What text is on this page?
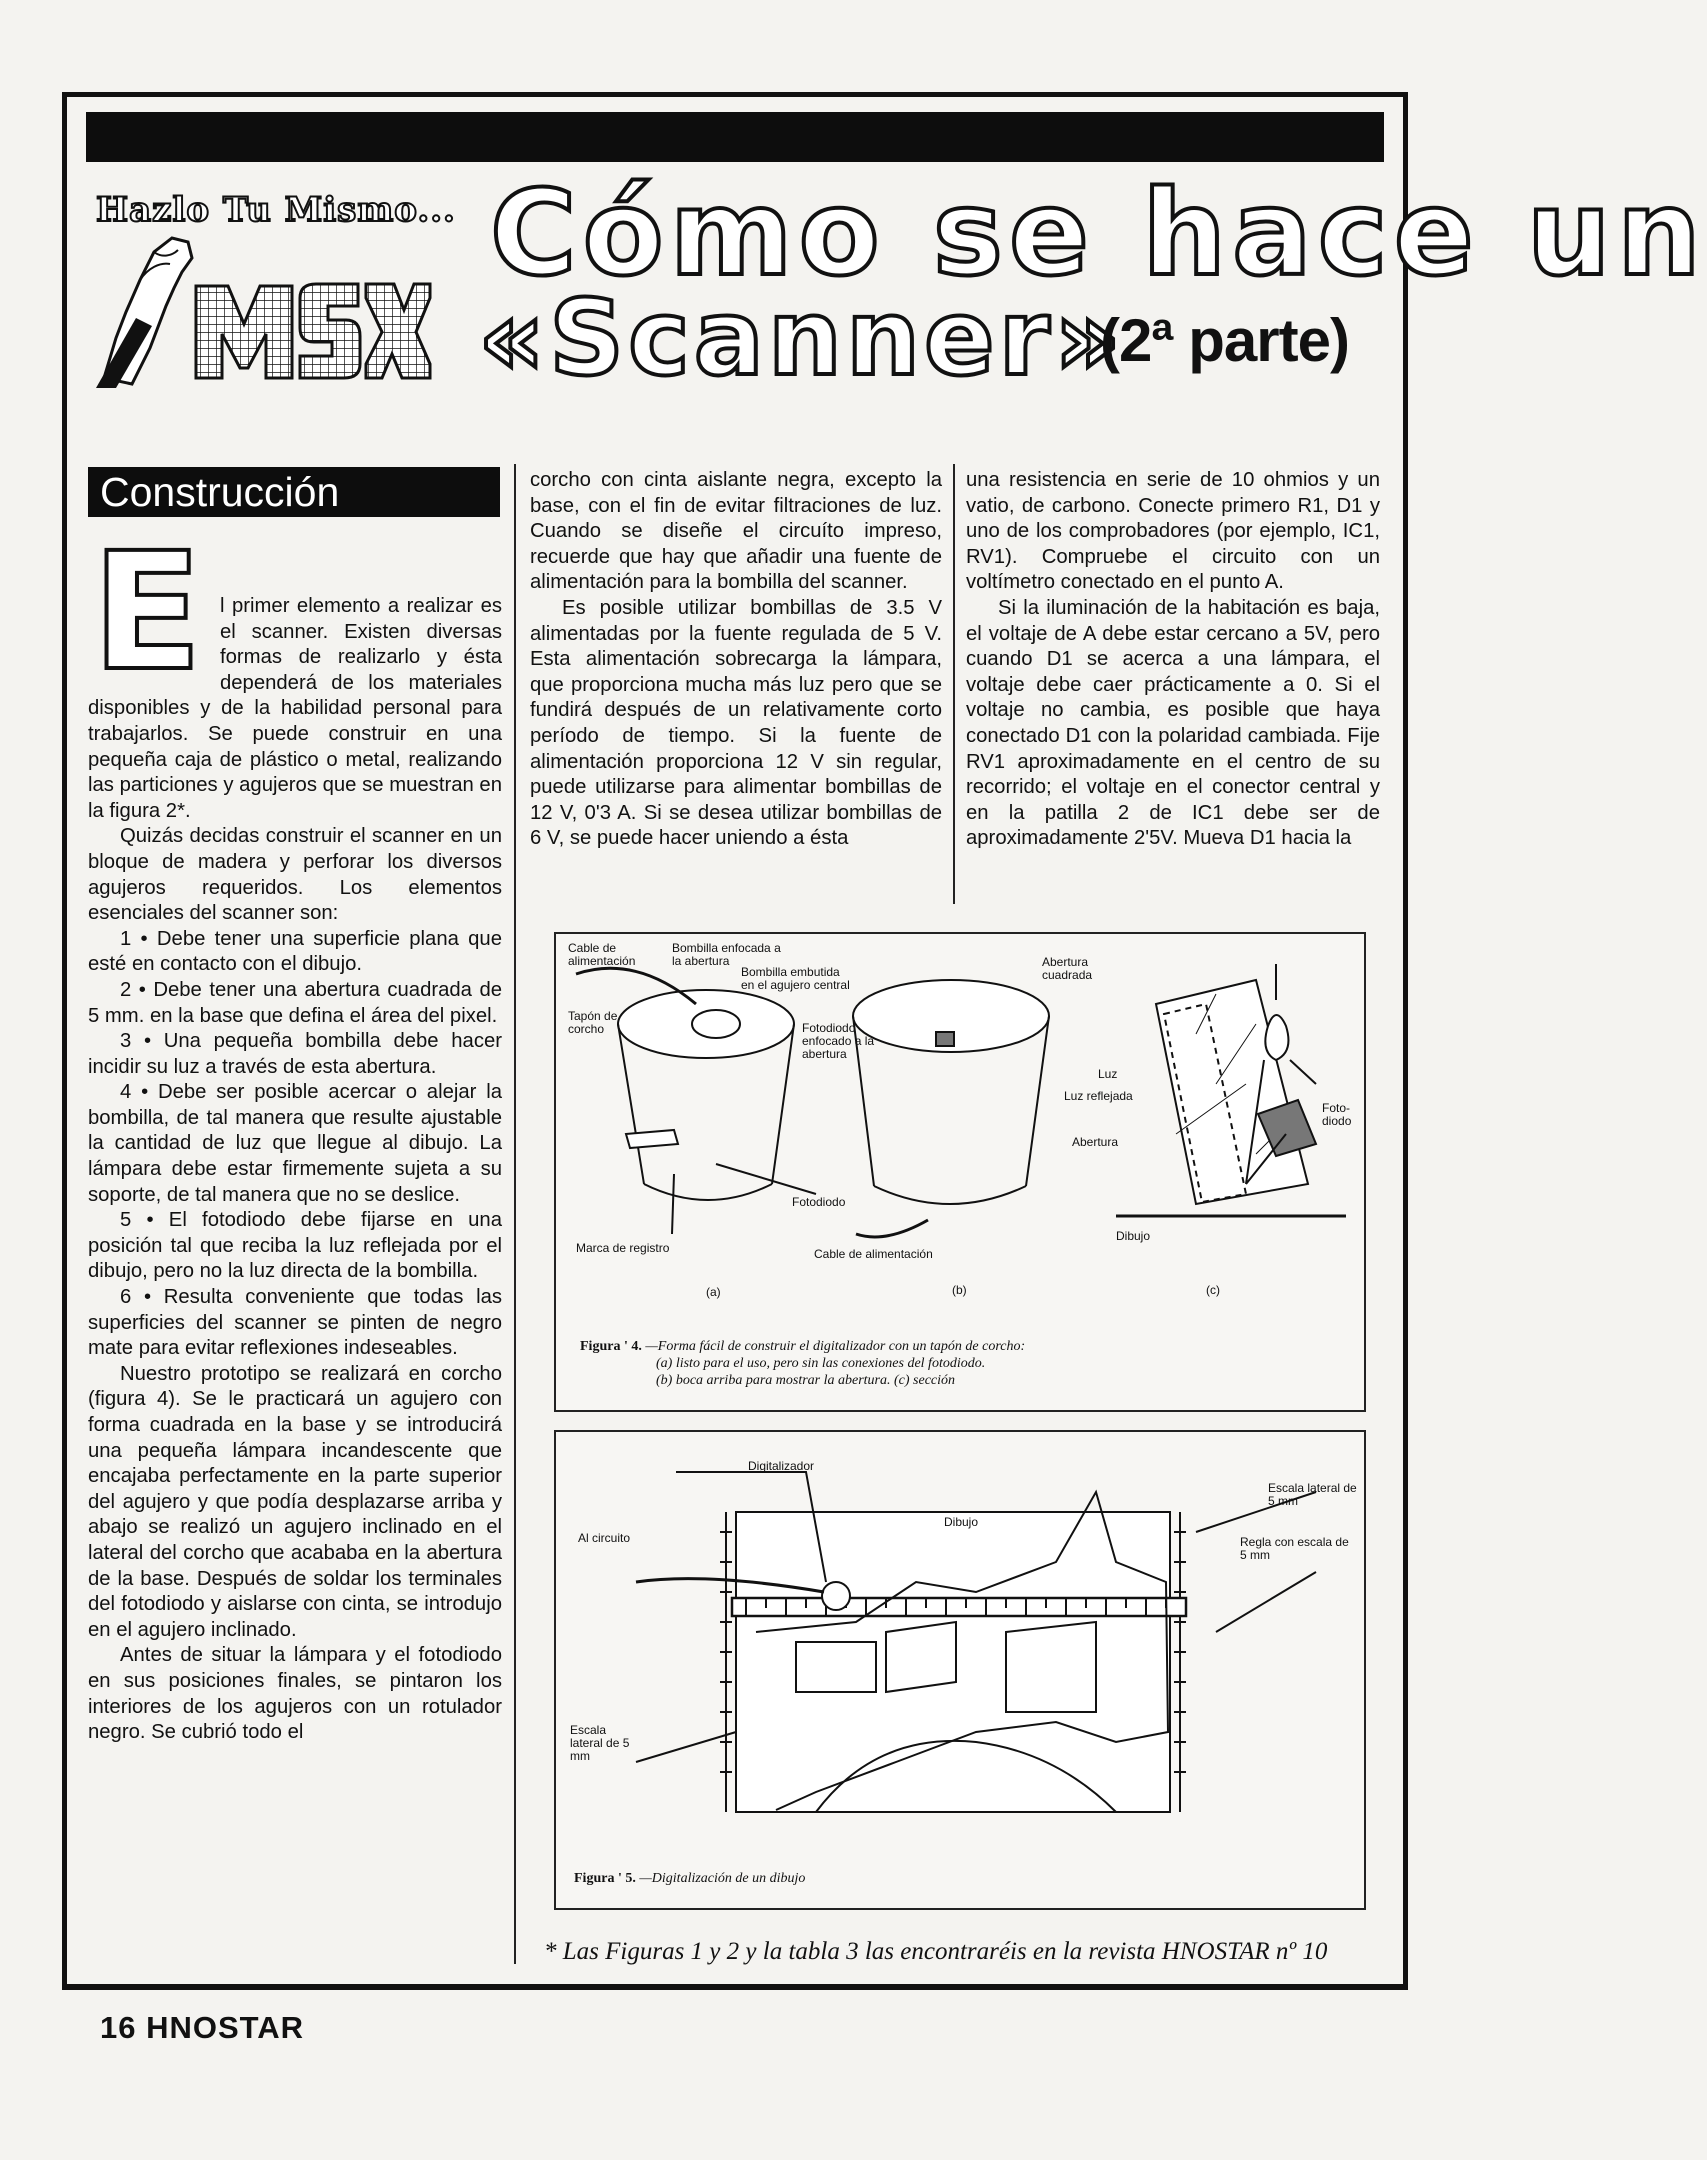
Hazlo Tu Mismo... Cómo se hace un
«Scanner»
(2ª parte)
Construcción

El primer elemento a realizar es el scanner. Existen diversas formas de realizarlo y ésta dependerá de los materiales disponibles y de la habilidad personal para trabajarlos. Se puede construir en una pequeña caja de plástico o metal, realizando las particiones y agujeros que se muestran en la figura 2*.

Quizás decidas construir el scanner en un bloque de madera y perforar los diversos agujeros requeridos. Los elementos esenciales del scanner son:

1 • Debe tener una superficie plana que esté en contacto con el dibujo.

2 • Debe tener una abertura cuadrada de 5 mm. en la base que defina el área del pixel.

3 • Una pequeña bombilla debe hacer incidir su luz a través de esta abertura.

4 • Debe ser posible acercar o alejar la bombilla, de tal manera que resulte ajustable la cantidad de luz que llegue al dibujo. La lámpara debe estar firmemente sujeta a su soporte, de tal manera que no se deslice.

5 • El fotodiodo debe fijarse en una posición tal que reciba la luz reflejada por el dibujo, pero no la luz directa de la bombilla.

6 • Resulta conveniente que todas las superficies del scanner se pinten de negro mate para evitar reflexiones indeseables.

Nuestro prototipo se realizará en corcho (figura 4). Se le practicará un agujero con forma cuadrada en la base y se introducirá una pequeña lámpara incandescente que encajaba perfectamente en la parte superior del agujero y que podía desplazarse arriba y abajo se realizó un agujero inclinado en el lateral del corcho que acababa en la abertura de la base. Después de soldar los terminales del fotodiodo y aislarse con cinta, se introdujo en el agujero inclinado.

Antes de situar la lámpara y el fotodiodo en sus posiciones finales, se pintaron los interiores de los agujeros con un rotulador negro. Se cubrió todo el

corcho con cinta aislante negra, excepto la base, con el fin de evitar filtraciones de luz. Cuando se diseñe el circuíto impreso, recuerde que hay que añadir una fuente de alimentación para la bombilla del scanner.

Es posible utilizar bombillas de 3.5 V alimentadas por la fuente regulada de 5 V. Esta alimentación sobrecarga la lámpara, que proporciona mucha más luz pero que se fundirá después de un relativamente corto período de tiempo. Si la fuente de alimentación proporciona 12 V sin regular, puede utilizarse para alimentar bombillas de 12 V, 0'3 A. Si se desea utilizar bombillas de 6 V, se puede hacer uniendo a ésta

una resistencia en serie de 10 ohmios y un vatio, de carbono. Conecte primero R1, D1 y uno de los comprobadores (por ejemplo, IC1, RV1). Compruebe el circuito con un voltímetro conectado en el punto A.

Si la iluminación de la habitación es baja, el voltaje de A debe estar cercano a 5V, pero cuando D1 se acerca a una lámpara, el voltaje debe caer prácticamente a 0. Si el voltaje no cambia, es posible que haya conectado D1 con la polaridad cambiada. Fije RV1 aproximadamente en el centro de su recorrido; el voltaje en el conector central y en la patilla 2 de IC1 debe ser de aproximadamente 2'5V. Mueva D1 hacia la

Cable de alimentación
Bombilla enfocada a la abertura
Bombilla embutida en el agujero central
Tapón de corcho	Fotodiodo enfocado a la abertura
Abertura cuadrada
Luz
Luz reflejada
Abertura
Foto-diodo
Fotodiodo
Marca de registro	Cable de alimentación
Dibujo
(a)	(b)	(c)
Figura ' 4. —Forma fácil de construir el digitalizador con un tapón de corcho:
(a) listo para el uso, pero sin las conexiones del fotodiodo.
(b) boca arriba para mostrar la abertura. (c) sección
Digitalizador
Escala lateral de 5 mm
Dibujo
Regla con escala de 5 mm
Al circuito
Escala lateral de 5 mm
Figura ' 5. —Digitalización de un dibujo
* Las Figuras 1 y 2 y la tabla 3 las encontraréis en la revista HNOSTAR nº 10
16 HNOSTAR
